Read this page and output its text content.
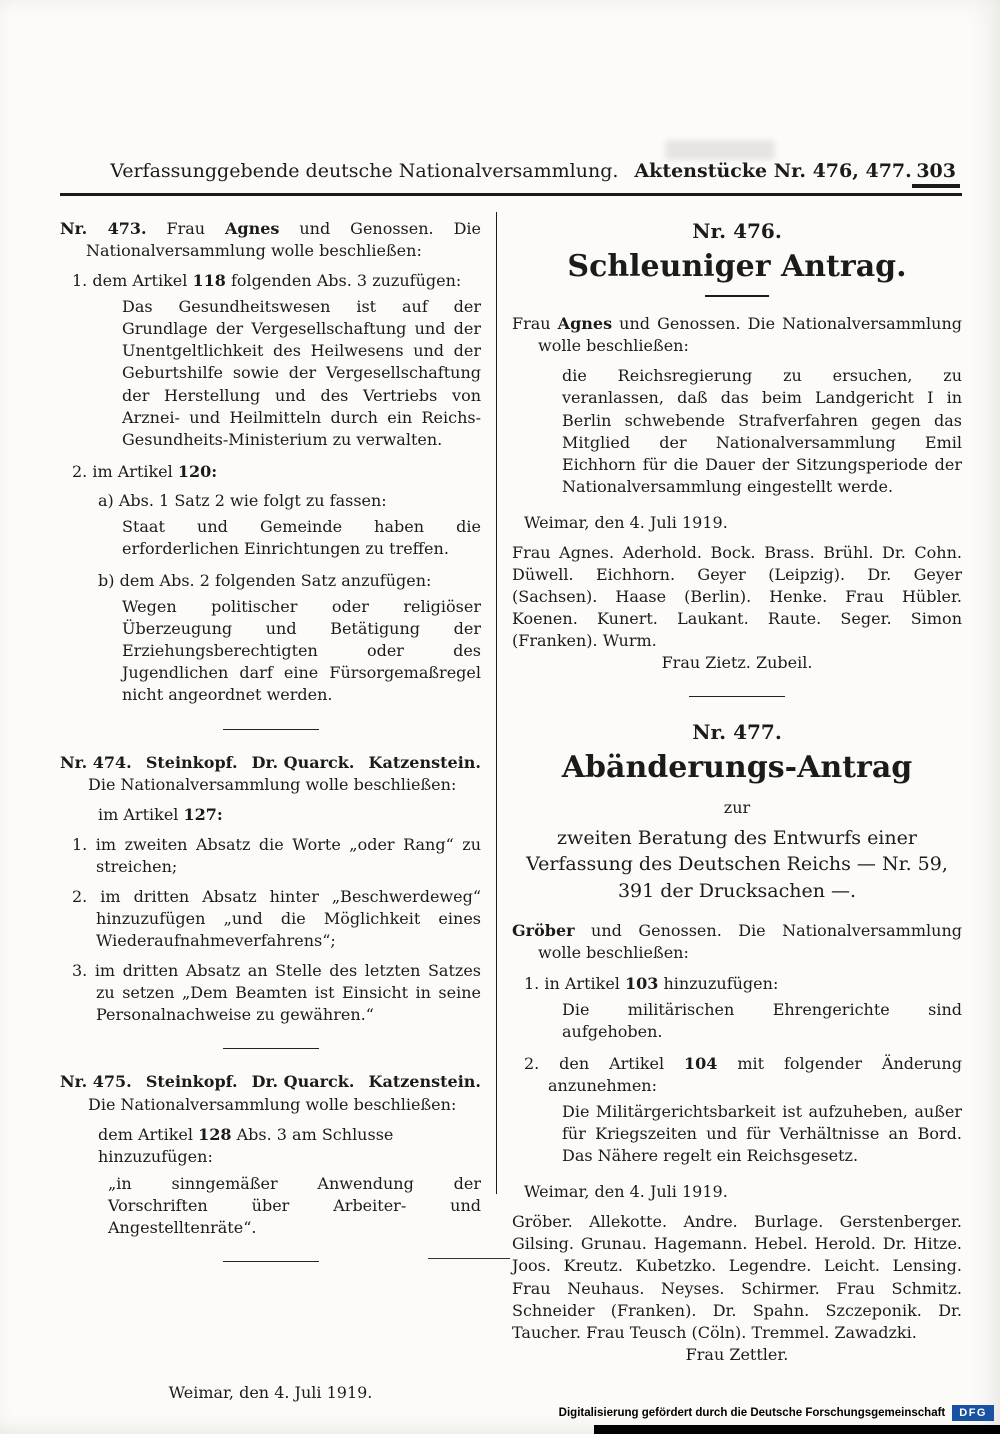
Verfassunggebende deutsche Nationalversammlung. Aktenstücke Nr. 476, 477. 303

Nr. 473. Frau Agnes und Genossen. Die Nationalversammlung wolle beschließen:

1. dem Artikel 118 folgenden Abs. 3 zuzufügen:

Das Gesundheitswesen ist auf der Grundlage der Vergesellschaftung und der Unentgeltlichkeit des Heilwesens und der Geburtshilfe sowie der Vergesellschaftung der Herstellung und des Vertriebs von Arznei- und Heilmitteln durch ein Reichs-Gesundheits-Ministerium zu verwalten.

2. im Artikel 120:

a) Abs. 1 Satz 2 wie folgt zu fassen:

Staat und Gemeinde haben die erforderlichen Einrichtungen zu treffen.

b) dem Abs. 2 folgenden Satz anzufügen:

Wegen politischer oder religiöser Überzeugung und Betätigung der Erziehungsberechtigten oder des Jugendlichen darf eine Fürsorgemaßregel nicht angeordnet werden.

Nr. 474. Steinkopf. Dr. Quarck. Katzenstein.

Die Nationalversammlung wolle beschließen:

im Artikel 127:

1. im zweiten Absatz die Worte „oder Rang“ zu streichen;

2. im dritten Absatz hinter „Beschwerdeweg“ hinzuzufügen „und die Möglichkeit eines Wiederaufnahmeverfahrens“;

3. im dritten Absatz an Stelle des letzten Satzes zu setzen „Dem Beamten ist Einsicht in seine Personalnachweise zu gewähren.“

Nr. 475. Steinkopf. Dr. Quarck. Katzenstein.

Die Nationalversammlung wolle beschließen:

dem Artikel 128 Abs. 3 am Schlusse hinzuzufügen:

„in sinngemäßer Anwendung der Vorschriften über Arbeiter- und Angestelltenräte“.

Weimar, den 4. Juli 1919.

Nr. 476.

Schleuniger Antrag.

Frau Agnes und Genossen. Die Nationalversammlung wolle beschließen:

die Reichsregierung zu ersuchen, zu veranlassen, daß das beim Landgericht I in Berlin schwebende Strafverfahren gegen das Mitglied der Nationalversammlung Emil Eichhorn für die Dauer der Sitzungsperiode der Nationalversammlung eingestellt werde.

Weimar, den 4. Juli 1919.

Frau Agnes. Aderhold. Bock. Brass. Brühl. Dr. Cohn. Düwell. Eichhorn. Geyer (Leipzig). Dr. Geyer (Sachsen). Haase (Berlin). Henke. Frau Hübler. Koenen. Kunert. Laukant. Raute. Seger. Simon (Franken). Wurm.

Frau Zietz. Zubeil.

Nr. 477.

Abänderungs-Antrag

zur

zweiten Beratung des Entwurfs einer Verfassung des Deutschen Reichs — Nr. 59, 391 der Drucksachen —.

Gröber und Genossen. Die Nationalversammlung wolle beschließen:

1. in Artikel 103 hinzuzufügen:

Die militärischen Ehrengerichte sind aufgehoben.

2. den Artikel 104 mit folgender Änderung anzunehmen:

Die Militärgerichtsbarkeit ist aufzuheben, außer für Kriegszeiten und für Verhältnisse an Bord. Das Nähere regelt ein Reichsgesetz.

Weimar, den 4. Juli 1919.

Gröber. Allekotte. Andre. Burlage. Gerstenberger. Gilsing. Grunau. Hagemann. Hebel. Herold. Dr. Hitze. Joos. Kreutz. Kubetzko. Legendre. Leicht. Lensing. Frau Neuhaus. Neyses. Schirmer. Frau Schmitz. Schneider (Franken). Dr. Spahn. Szczeponik. Dr. Taucher. Frau Teusch (Cöln). Tremmel. Zawadzki.

Frau Zettler.

Digitalisierung gefördert durch die Deutsche Forschungsgemeinschaft	DFG
